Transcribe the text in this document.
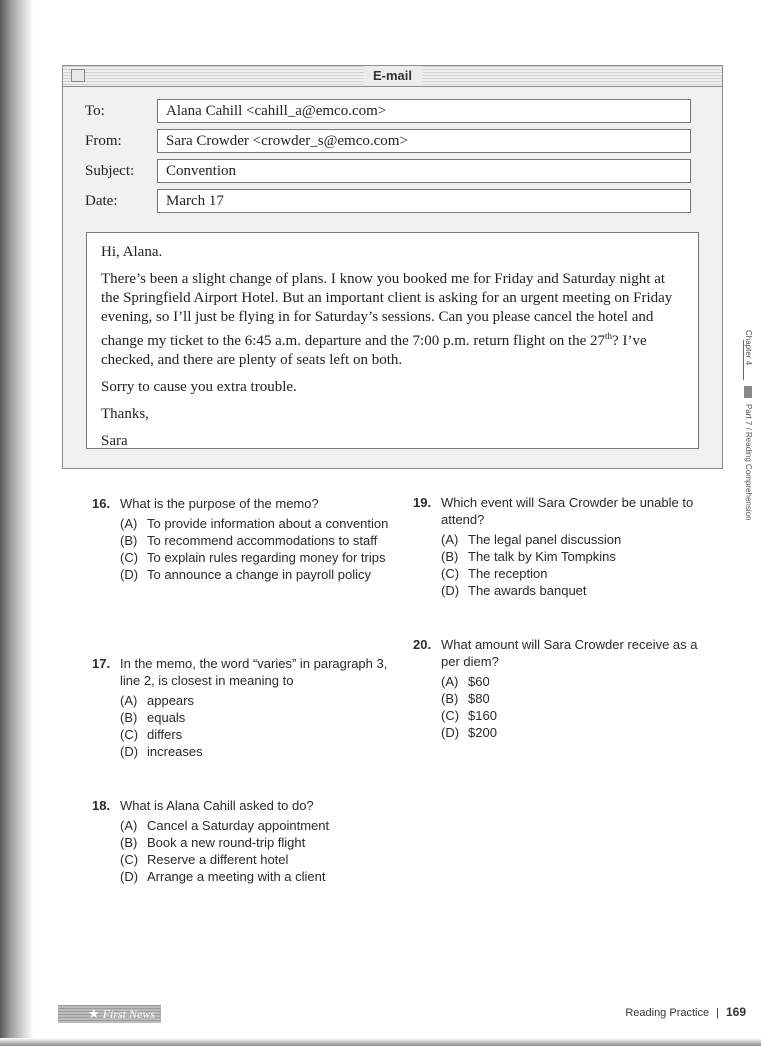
E-mail
To:	Alana Cahill <cahill_a@emco.com>
From:	Sara Crowder <crowder_s@emco.com>
Subject:	Convention
Date:	March 17

Hi, Alana.

There’s been a slight change of plans. I know you booked me for Friday and Saturday night at the Springfield Airport Hotel. But an important client is asking for an urgent meeting on Friday evening, so I’ll just be flying in for Saturday’s sessions. Can you please cancel the hotel and change my ticket to the 6:45 a.m. departure and the 7:00 p.m. return flight on the 27th? I’ve checked, and there are plenty of seats left on both.

Sorry to cause you extra trouble.

Thanks,

Sara

16. What is the purpose of the memo?
(A) To provide information about a convention
(B) To recommend accommodations to staff
(C) To explain rules regarding money for trips
(D) To announce a change in payroll policy
17. In the memo, the word “varies” in paragraph 3, line 2, is closest in meaning to
(A) appears
(B) equals
(C) differs
(D) increases
18. What is Alana Cahill asked to do?
(A) Cancel a Saturday appointment
(B) Book a new round-trip flight
(C) Reserve a different hotel
(D) Arrange a meeting with a client
19. Which event will Sara Crowder be unable to attend?
(A) The legal panel discussion
(B) The talk by Kim Tompkins
(C) The reception
(D) The awards banquet
20. What amount will Sara Crowder receive as a per diem?
(A) $60
(B) $80
(C) $160
(D) $200
Chapter 4
Part 7 / Reading Comprehension
★ First News	Reading Practice | 169
